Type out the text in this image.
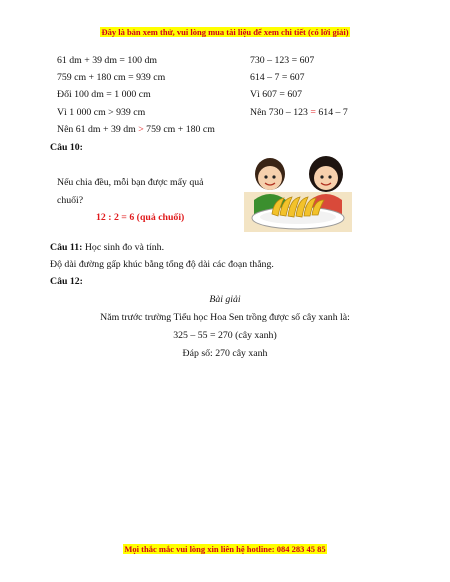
Đây là bản xem thử, vui lòng mua tài liệu để xem chi tiết (có lời giải)
61 dm + 39 dm = 100 dm
759 cm + 180 cm = 939 cm
Đổi 100 dm = 1 000 cm
Vì 1 000 cm > 939 cm
Nên 61 dm + 39 dm > 759 cm + 180 cm
730 – 123 = 607
614 – 7 = 607
Vì 607 = 607
Nên 730 – 123 = 614 – 7
Câu 10:
Nếu chia đều, mỗi bạn được mấy quả
chuối?
12 : 2 = 6 (quả chuối)
Câu 11: Học sinh đo và tính.
Độ dài đường gấp khúc bằng tổng độ dài các đoạn thẳng.
Câu 12:
Bài giải
Năm trước trường Tiểu học Hoa Sen trồng được số cây xanh là:
325 – 55 = 270 (cây xanh)
Đáp số: 270 cây xanh
Mọi thắc mắc vui lòng xin liên hệ hotline: 084 283 45 85
